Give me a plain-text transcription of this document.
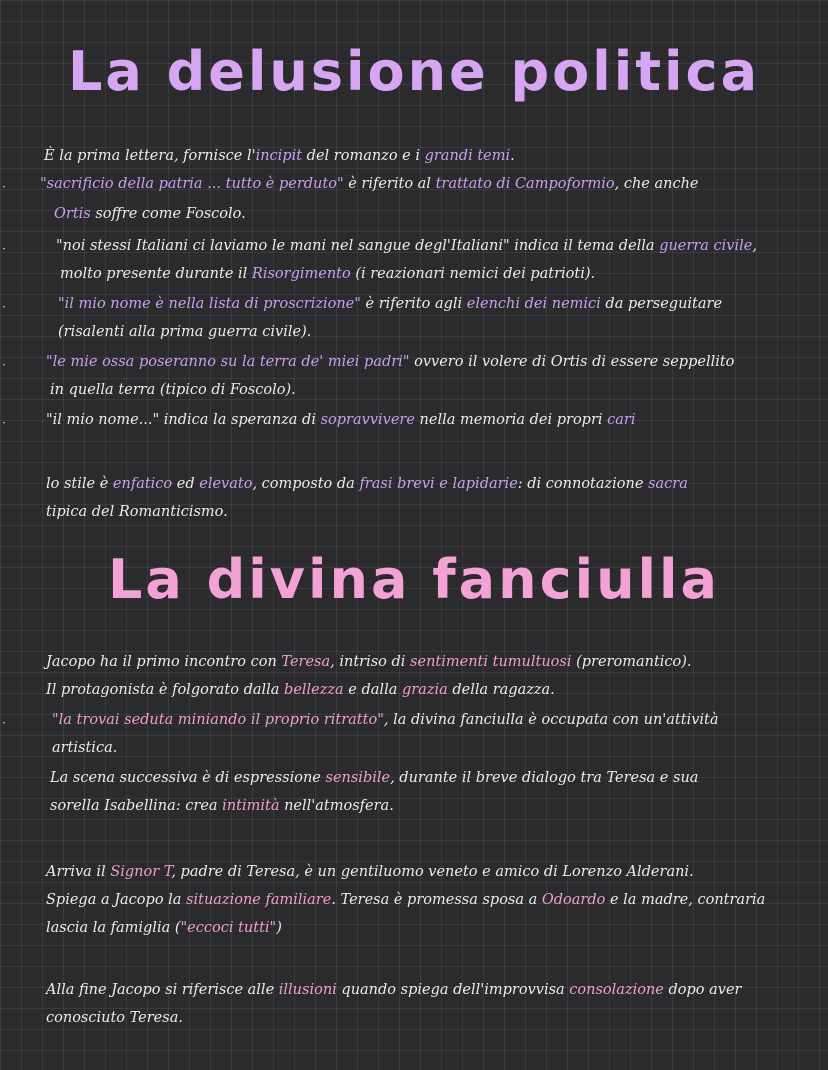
La delusione politica
È la prima lettera, fornisce l'incipit del romanzo e i grandi temi.
· "sacrificio della patria ... tutto è perduto" è riferito al trattato di Campoformio, che anche
Ortis soffre come Foscolo.
·	"noi stessi Italiani ci laviamo le mani nel sangue degl'Italiani" indica il tema della guerra civile,
molto presente durante il Risorgimento (i reazionari nemici dei patrioti).
·	"il mio nome è nella lista di proscrizione" è riferito agli elenchi dei nemici da perseguitare
(risalenti alla prima guerra civile).
·	"le mie ossa poseranno su la terra de' miei padri" ovvero il volere di Ortis di essere seppellito
in quella terra (tipico di Foscolo).
·	"il mio nome..." indica la speranza di sopravvivere nella memoria dei propri cari
lo stile è enfatico ed elevato, composto da frasi brevi e lapidarie: di connotazione sacra
tipica del Romanticismo.
La divina fanciulla
Jacopo ha il primo incontro con Teresa, intriso di sentimenti tumultuosi (preromantico).
Il protagonista è folgorato dalla bellezza e dalla grazia della ragazza.
·	"la trovai seduta miniando il proprio ritratto", la divina fanciulla è occupata con un'attività
artistica.
La scena successiva è di espressione sensibile, durante il breve dialogo tra Teresa e sua
sorella Isabellina: crea intimità nell'atmosfera.
Arriva il Signor T, padre di Teresa, è un gentiluomo veneto e amico di Lorenzo Alderani.
Spiega a Jacopo la situazione familiare. Teresa è promessa sposa a Odoardo e la madre, contraria
lascia la famiglia ("eccoci tutti")
Alla fine Jacopo si riferisce alle illusioni quando spiega dell'improvvisa consolazione dopo aver
conosciuto Teresa.
